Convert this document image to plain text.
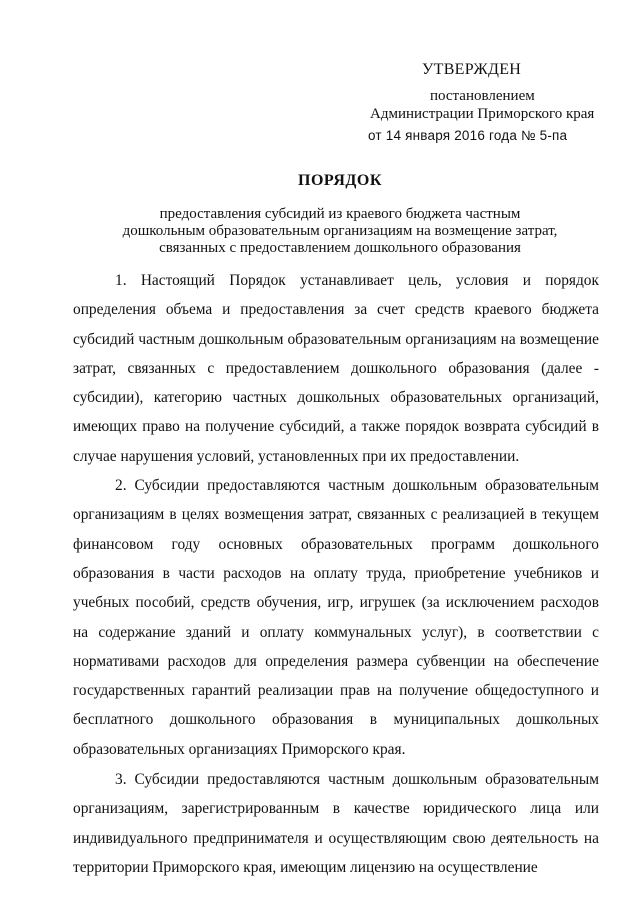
УТВЕРЖДЕН
постановлением
Администрации Приморского края
от 14 января 2016 года № 5-па
ПОРЯДОК
предоставления субсидий из краевого бюджета частным
дошкольным образовательным организациям на возмещение затрат,
связанных с предоставлением дошкольного образования

1. Настоящий Порядок устанавливает цель, условия и порядок определения объема и предоставления за счет средств краевого бюджета субсидий частным дошкольным образовательным организациям на возмещение затрат, связанных с предоставлением дошкольного образования (далее - субсидии), категорию частных дошкольных образовательных организаций, имеющих право на получение субсидий, а также порядок возврата субсидий в случае нарушения условий, установленных при их предоставлении.

2. Субсидии предоставляются частным дошкольным образовательным организациям в целях возмещения затрат, связанных с реализацией в текущем финансовом году основных образовательных программ дошкольного образования в части расходов на оплату труда, приобретение учебников и учебных пособий, средств обучения, игр, игрушек (за исключением расходов на содержание зданий и оплату коммунальных услуг), в соответствии с нормативами расходов для определения размера субвенции на обеспечение государственных гарантий реализации прав на получение общедоступного и бесплатного дошкольного образования в муниципальных дошкольных образовательных организациях Приморского края.

3. Субсидии предоставляются частным дошкольным образовательным организациям, зарегистрированным в качестве юридического лица или индивидуального предпринимателя и осуществляющим свою деятельность на территории Приморского края, имеющим лицензию на осуществление
